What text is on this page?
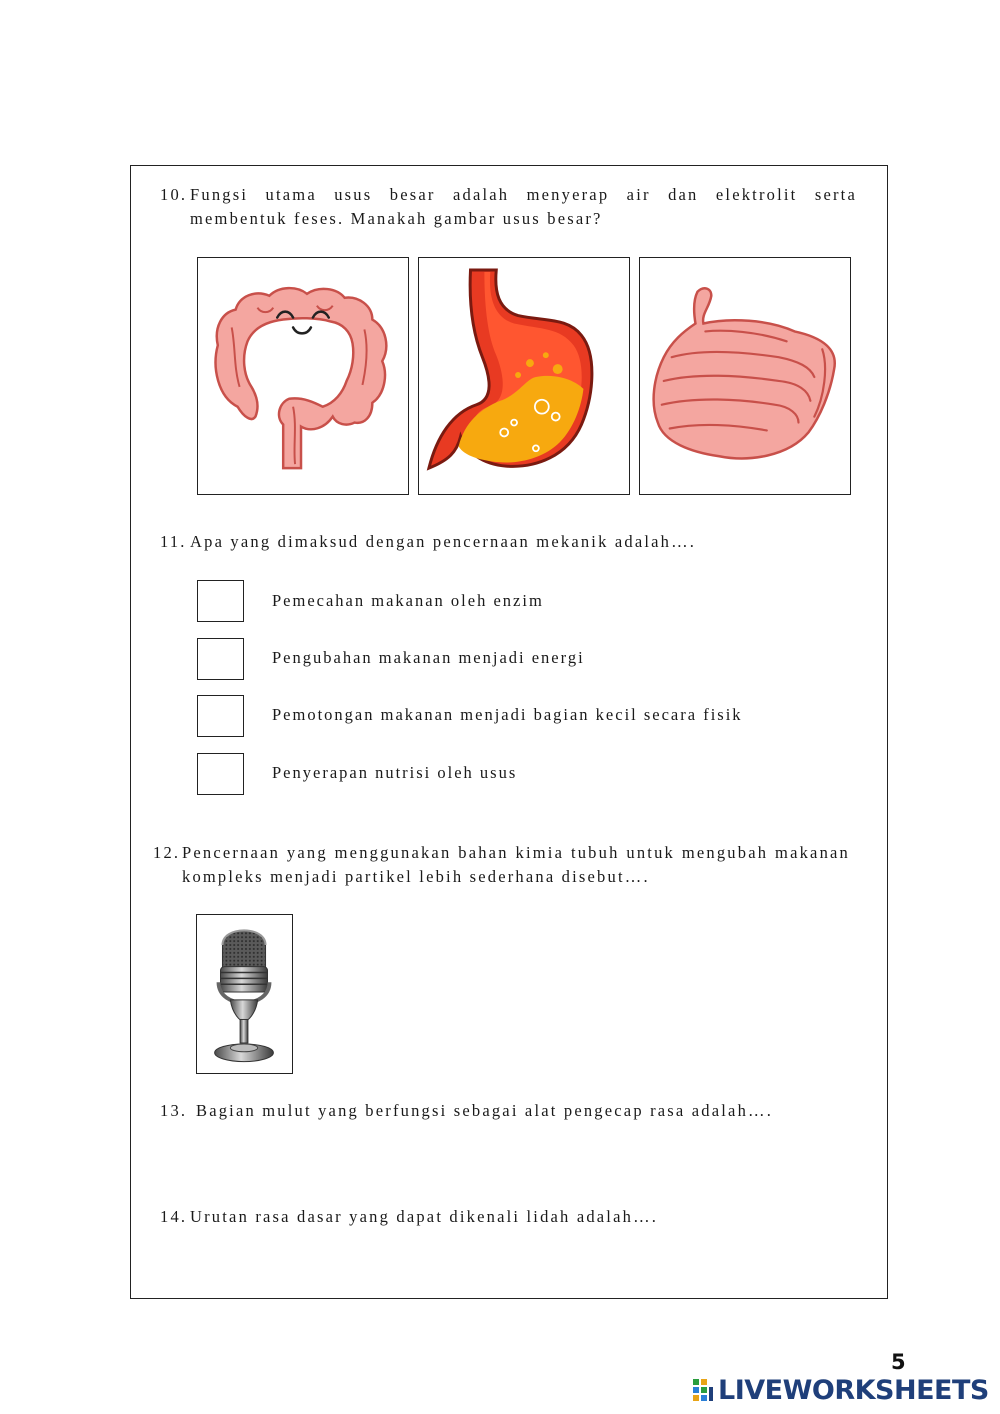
10. Fungsi utama usus besar adalah menyerap air dan elektrolit serta membentuk feses. Manakah gambar usus besar?
11. Apa yang dimaksud dengan pencernaan mekanik adalah….
Pemecahan makanan oleh enzim
Pengubahan makanan menjadi energi
Pemotongan makanan menjadi bagian kecil secara fisik
Penyerapan nutrisi oleh usus
12. Pencernaan yang menggunakan bahan kimia tubuh untuk mengubah makanan kompleks menjadi partikel lebih sederhana disebut….
13. Bagian mulut yang berfungsi sebagai alat pengecap rasa adalah….
14. Urutan rasa dasar yang dapat dikenali lidah adalah….
5
LIVEWORKSHEETS
